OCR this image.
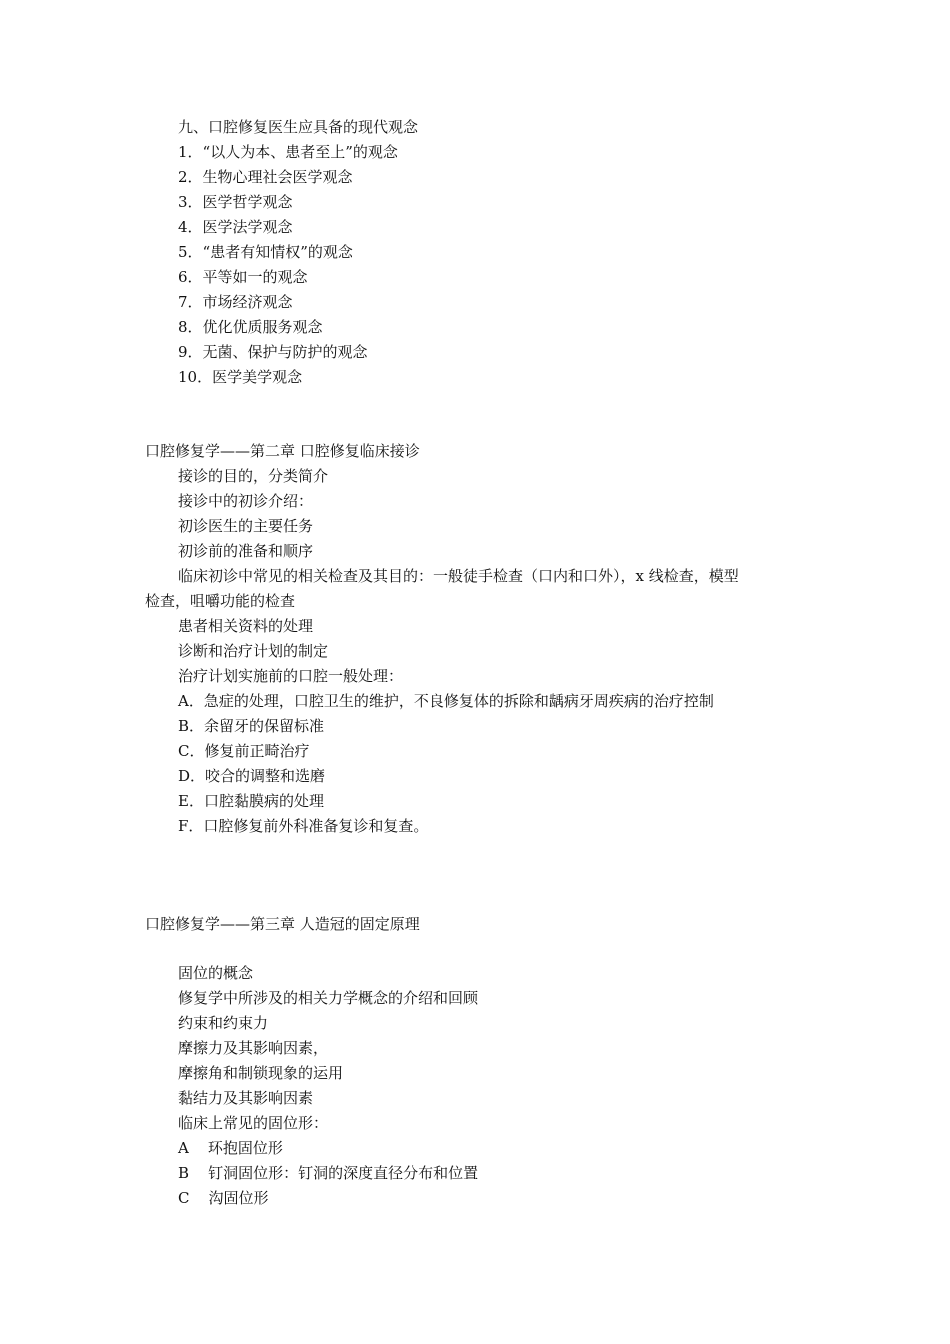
九、口腔修复医生应具备的现代观念
1．“以人为本、患者至上”的观念
2．生物心理社会医学观念
3．医学哲学观念
4．医学法学观念
5．“患者有知情权”的观念
6．平等如一的观念
7．市场经济观念
8．优化优质服务观念
9．无菌、保护与防护的观念
10．医学美学观念
口腔修复学——第二章 口腔修复临床接诊
接诊的目的，分类简介
接诊中的初诊介绍：
初诊医生的主要任务
初诊前的准备和顺序
临床初诊中常见的相关检查及其目的：一般徒手检查（口内和口外），x 线检查，模型
检查，咀嚼功能的检查
患者相关资料的处理
诊断和治疗计划的制定
治疗计划实施前的口腔一般处理：
A．急症的处理，口腔卫生的维护，不良修复体的拆除和龋病牙周疾病的治疗控制
B．余留牙的保留标准
C．修复前正畸治疗
D．咬合的调整和选磨
E．口腔黏膜病的处理
F．口腔修复前外科准备复诊和复查。
口腔修复学——第三章 人造冠的固定原理
固位的概念
修复学中所涉及的相关力学概念的介绍和回顾
约束和约束力
摩擦力及其影响因素，
摩擦角和制锁现象的运用
黏结力及其影响因素
临床上常见的固位形：
A    环抱固位形
B    钉洞固位形：钉洞的深度直径分布和位置
C    沟固位形
